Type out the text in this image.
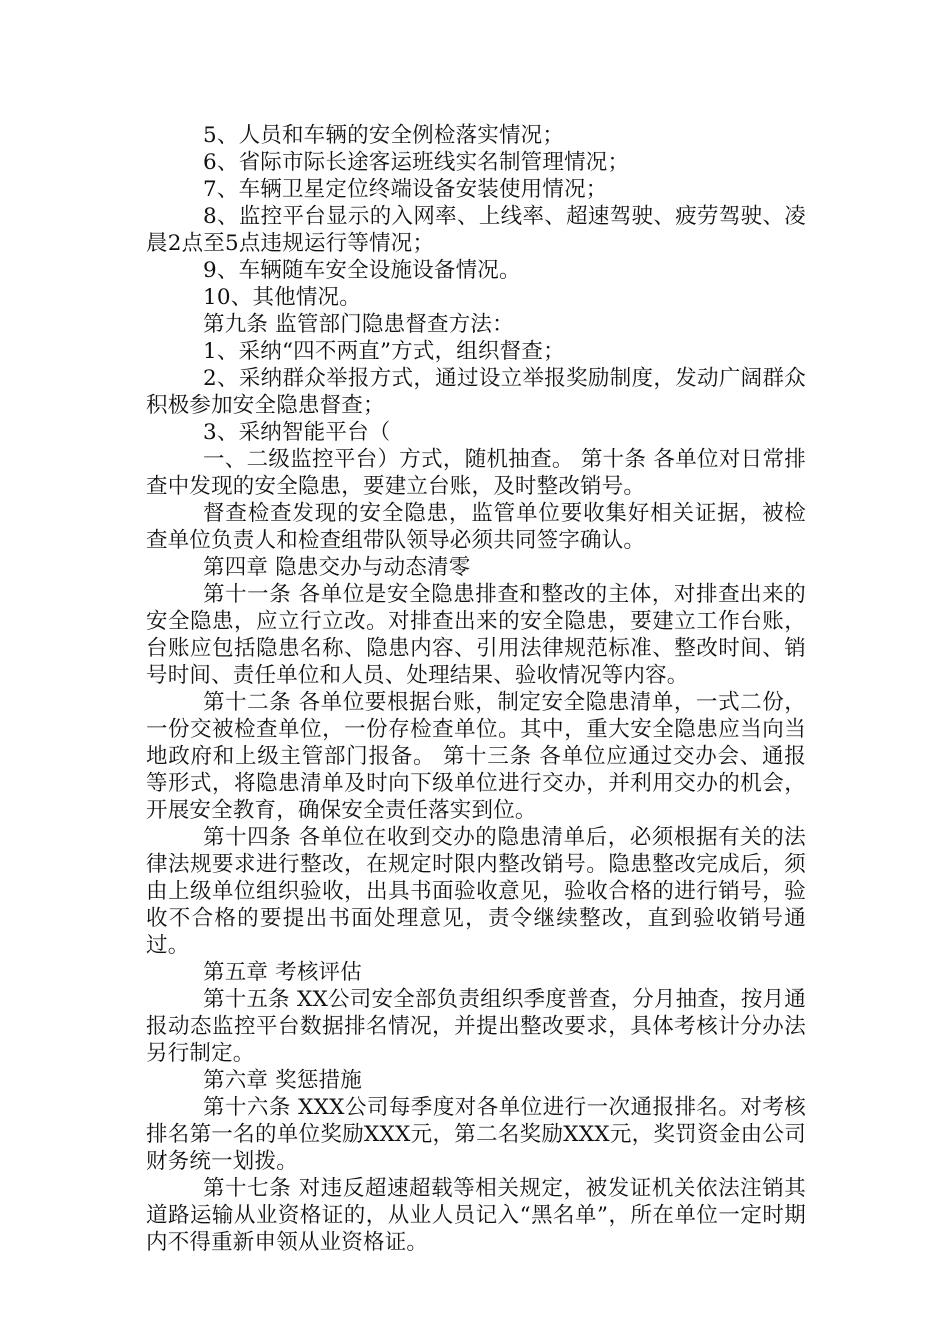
5、人员和车辆的安全例检落实情况；

6、省际市际长途客运班线实名制管理情况；

7、车辆卫星定位终端设备安装使用情况；

8、监控平台显示的入网率、上线率、超速驾驶、疲劳驾驶、凌晨2点至5点违规运行等情况；

9、车辆随车安全设施设备情况。

10、其他情况。

第九条 监管部门隐患督查方法：

1、采纳“四不两直”方式，组织督查；

2、采纳群众举报方式，通过设立举报奖励制度，发动广阔群众积极参加安全隐患督查；

3、采纳智能平台（

一、二级监控平台）方式，随机抽查。 第十条 各单位对日常排查中发现的安全隐患，要建立台账，及时整改销号。

督查检查发现的安全隐患，监管单位要收集好相关证据，被检查单位负责人和检查组带队领导必须共同签字确认。

第四章 隐患交办与动态清零

第十一条 各单位是安全隐患排查和整改的主体，对排查出来的安全隐患，应立行立改。对排查出来的安全隐患，要建立工作台账，台账应包括隐患名称、隐患内容、引用法律规范标准、整改时间、销号时间、责任单位和人员、处理结果、验收情况等内容。

第十二条 各单位要根据台账，制定安全隐患清单，一式二份，一份交被检查单位，一份存检查单位。其中，重大安全隐患应当向当地政府和上级主管部门报备。 第十三条 各单位应通过交办会、通报等形式，将隐患清单及时向下级单位进行交办，并利用交办的机会，开展安全教育，确保安全责任落实到位。

第十四条 各单位在收到交办的隐患清单后，必须根据有关的法律法规要求进行整改，在规定时限内整改销号。隐患整改完成后，须由上级单位组织验收，出具书面验收意见，验收合格的进行销号，验收不合格的要提出书面处理意见，责令继续整改，直到验收销号通过。

第五章 考核评估

第十五条 XX公司安全部负责组织季度普查，分月抽查，按月通报动态监控平台数据排名情况，并提出整改要求，具体考核计分办法另行制定。

第六章 奖惩措施

第十六条 XXX公司每季度对各单位进行一次通报排名。对考核排名第一名的单位奖励XXX元，第二名奖励XXX元，奖罚资金由公司财务统一划拨。

第十七条 对违反超速超载等相关规定，被发证机关依法注销其道路运输从业资格证的，从业人员记入“黑名单”，所在单位一定时期内不得重新申领从业资格证。
